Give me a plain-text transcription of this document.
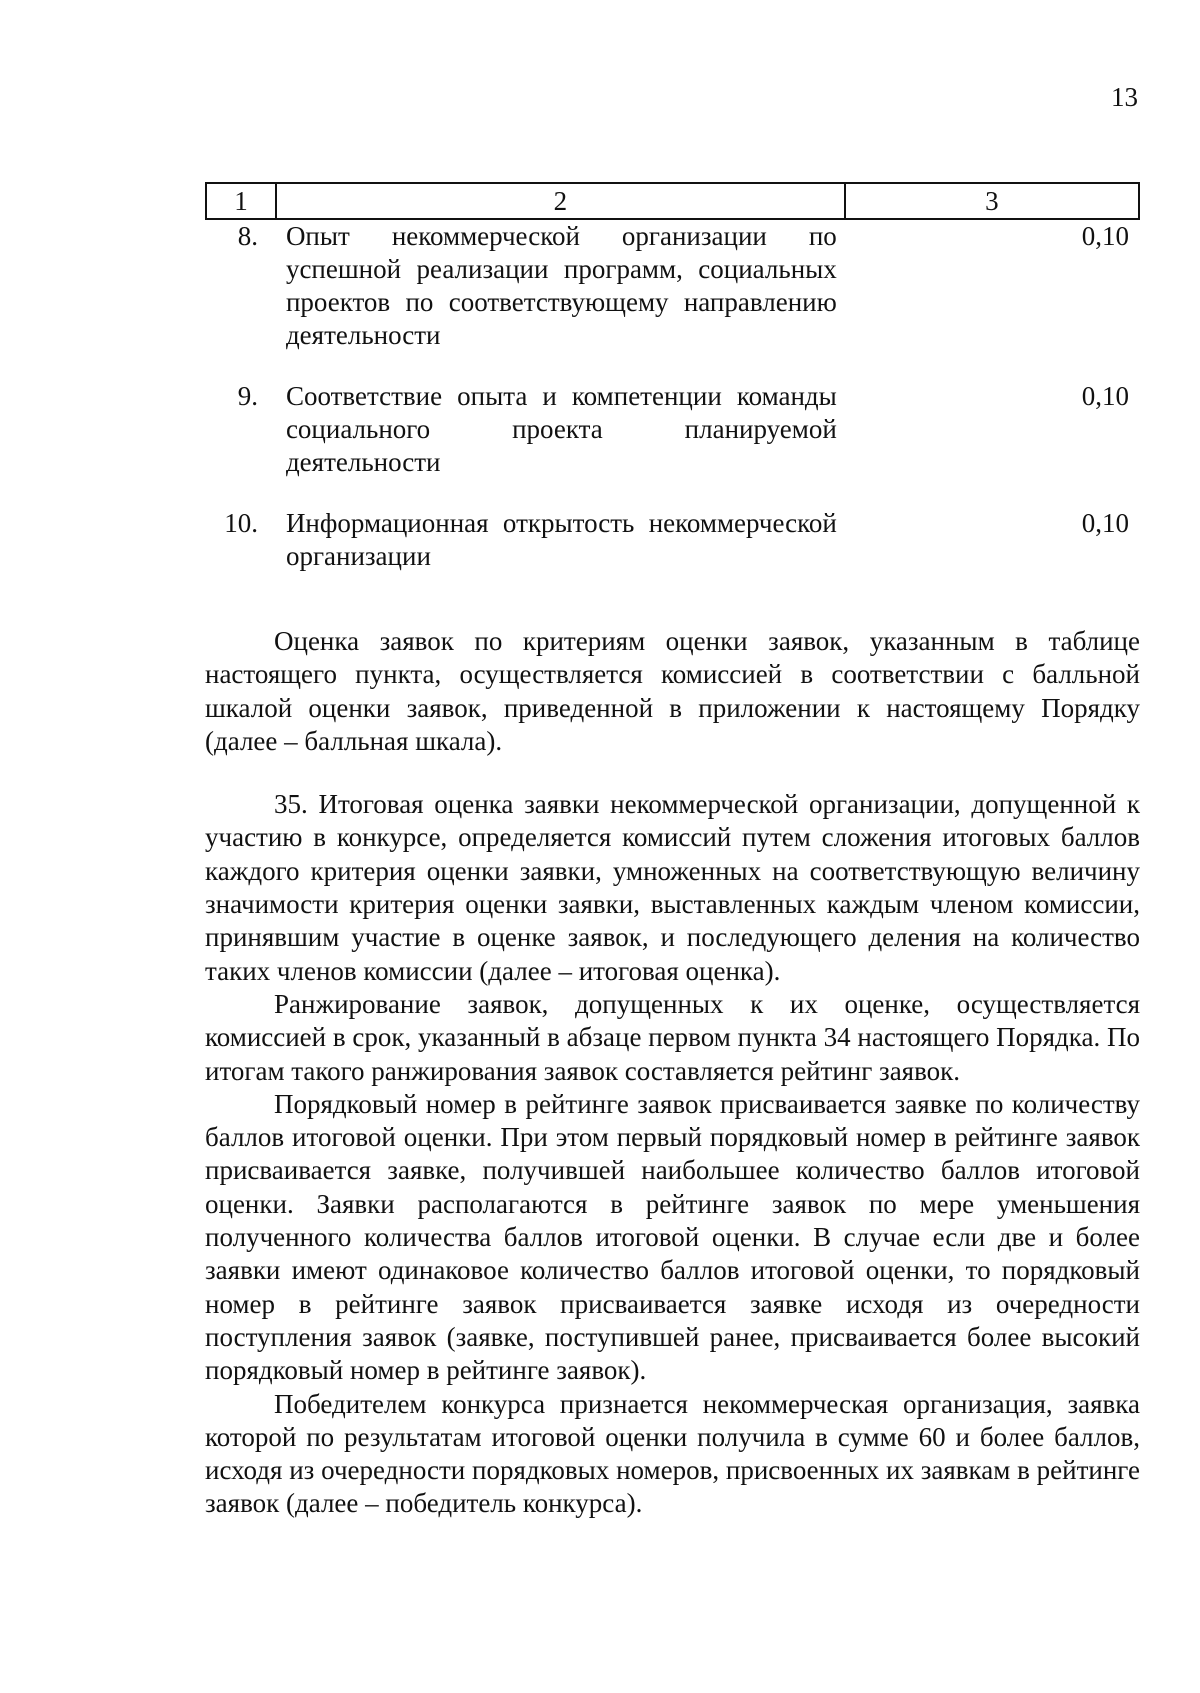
13
1	2	3
8.	Опыт некоммерческой организации по успешной реализации программ, социальных проектов по соответствующему направлению деятельности	0,10

9.	Соответствие опыта и компетенции команды социального проекта планируемой деятельности	0,10

10.	Информационная открытость некоммерческой организации	0,10

Оценка заявок по критериям оценки заявок, указанным в таблице настоящего пункта, осуществляется комиссией в соответствии с балльной шкалой оценки заявок, приведенной в приложении к настоящему Порядку (далее – балльная шкала).

35. Итоговая оценка заявки некоммерческой организации, допущенной к участию в конкурсе, определяется комиссий путем сложения итоговых баллов каждого критерия оценки заявки, умноженных на соответствующую величину значимости критерия оценки заявки, выставленных каждым членом комиссии, принявшим участие в оценке заявок, и последующего деления на количество таких членов комиссии (далее – итоговая оценка).

Ранжирование заявок, допущенных к их оценке, осуществляется комиссией в срок, указанный в абзаце первом пункта 34 настоящего Порядка. По итогам такого ранжирования заявок составляется рейтинг заявок.

Порядковый номер в рейтинге заявок присваивается заявке по количеству баллов итоговой оценки. При этом первый порядковый номер в рейтинге заявок присваивается заявке, получившей наибольшее количество баллов итоговой оценки. Заявки располагаются в рейтинге заявок по мере уменьшения полученного количества баллов итоговой оценки. В случае если две и более заявки имеют одинаковое количество баллов итоговой оценки, то порядковый номер в рейтинге заявок присваивается заявке исходя из очередности поступления заявок (заявке, поступившей ранее, присваивается более высокий порядковый номер в рейтинге заявок).

Победителем конкурса признается некоммерческая организация, заявка которой по результатам итоговой оценки получила в сумме 60 и более баллов, исходя из очередности порядковых номеров, присвоенных их заявкам в рейтинге заявок (далее – победитель конкурса).
